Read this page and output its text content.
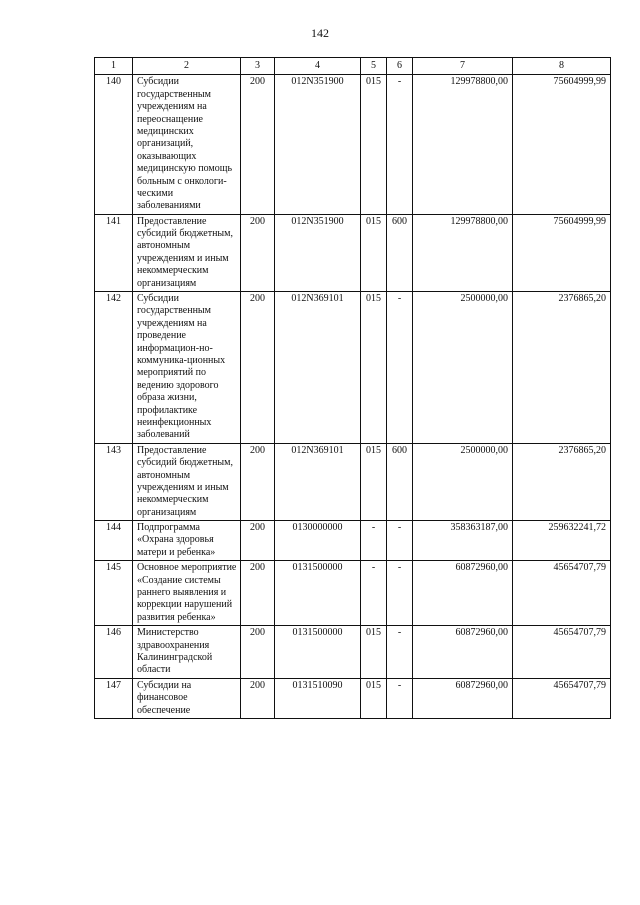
142
1	2	3	4	5	6	7	8
140	Субсидии государственным учреждениям на переоснащение медицинских организаций, оказывающих медицинскую помощь больным с онкологи-ческими заболеваниями	200	012N351900	015	-	129978800,00	75604999,99
141	Предоставление субсидий бюджетным, автономным учреждениям и иным некоммерческим организациям	200	012N351900	015	600	129978800,00	75604999,99
142	Субсидии государственным учреждениям на проведение информацион-но-коммуника-ционных мероприятий по ведению здорового образа жизни, профилактике неинфекционных заболеваний	200	012N369101	015	-	2500000,00	2376865,20
143	Предоставление субсидий бюджетным, автономным учреждениям и иным некоммерческим организациям	200	012N369101	015	600	2500000,00	2376865,20
144	Подпрограмма «Охрана здоровья матери и ребенка»	200	0130000000	-	-	358363187,00	259632241,72
145	Основное мероприятие «Создание системы раннего выявления и коррекции нарушений развития ребенка»	200	0131500000	-	-	60872960,00	45654707,79
146	Министерство здравоохранения Калининградской области	200	0131500000	015	-	60872960,00	45654707,79
147	Субсидии на финансовое обеспечение	200	0131510090	015	-	60872960,00	45654707,79
